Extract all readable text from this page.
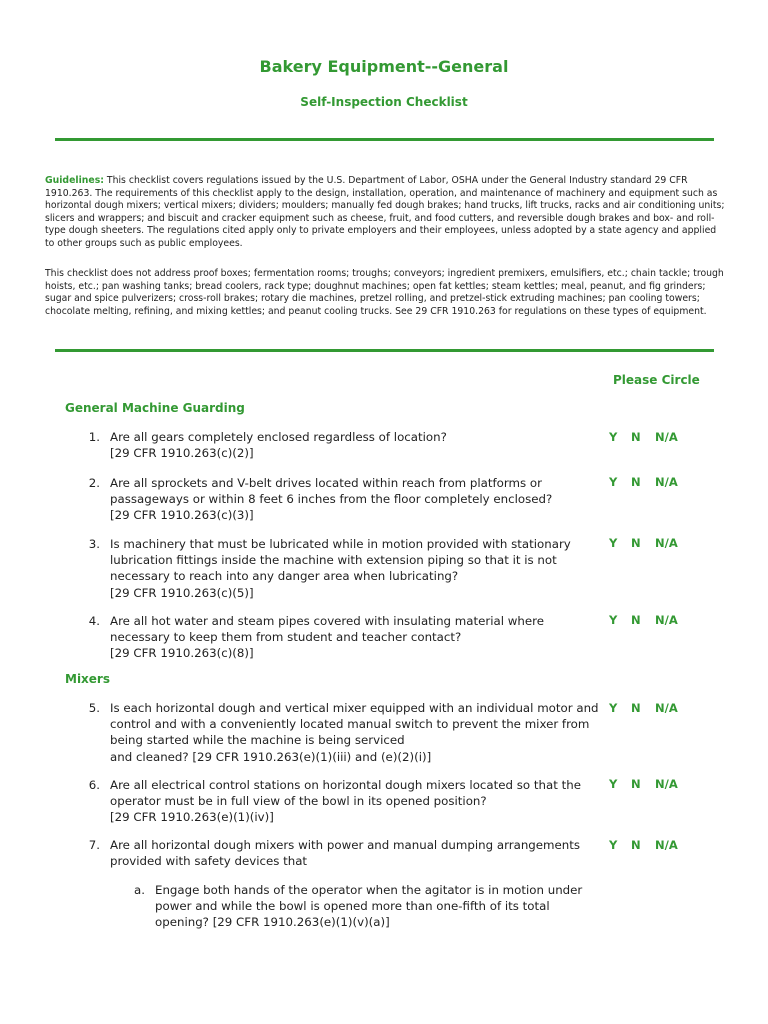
Bakery Equipment--General
Self-Inspection Checklist
Guidelines: This checklist covers regulations issued by the U.S. Department of Labor, OSHA under the General Industry standard 29 CFR 1910.263. The requirements of this checklist apply to the design, installation, operation, and maintenance of machinery and equipment such as horizontal dough mixers; vertical mixers; dividers; moulders; manually fed dough brakes; hand trucks, lift trucks, racks and air conditioning units; slicers and wrappers; and biscuit and cracker equipment such as cheese, fruit, and food cutters, and reversible dough brakes and box- and roll-type dough sheeters. The regulations cited apply only to private employers and their employees, unless adopted by a state agency and applied to other groups such as public employees.
This checklist does not address proof boxes; fermentation rooms; troughs; conveyors; ingredient premixers, emulsifiers, etc.; chain tackle; trough hoists, etc.; pan washing tanks; bread coolers, rack type; doughnut machines; open fat kettles; steam kettles; meal, peanut, and fig grinders; sugar and spice pulverizers; cross-roll brakes; rotary die machines, pretzel rolling, and pretzel-stick extruding machines; pan cooling towers; chocolate melting, refining, and mixing kettles; and peanut cooling trucks. See 29 CFR 1910.263 for regulations on these types of equipment.
Please Circle
General Machine Guarding
1. Are all gears completely enclosed regardless of location?
[29 CFR 1910.263(c)(2)]
Y N N/A
2. Are all sprockets and V-belt drives located within reach from platforms or passageways or within 8 feet 6 inches from the floor completely enclosed?
[29 CFR 1910.263(c)(3)]
Y N N/A
3. Is machinery that must be lubricated while in motion provided with stationary lubrication fittings inside the machine with extension piping so that it is not necessary to reach into any danger area when lubricating?
[29 CFR 1910.263(c)(5)]
Y N N/A
4. Are all hot water and steam pipes covered with insulating material where necessary to keep them from student and teacher contact?
[29 CFR 1910.263(c)(8)]
Y N N/A
Mixers
5. Is each horizontal dough and vertical mixer equipped with an individual motor and control and with a conveniently located manual switch to prevent the mixer from being started while the machine is being serviced
and cleaned? [29 CFR 1910.263(e)(1)(iii) and (e)(2)(i)]
Y N N/A
6. Are all electrical control stations on horizontal dough mixers located so that the operator must be in full view of the bowl in its opened position?
[29 CFR 1910.263(e)(1)(iv)]
Y N N/A
7. Are all horizontal dough mixers with power and manual dumping arrangements provided with safety devices that
Y N N/A
a. Engage both hands of the operator when the agitator is in motion under power and while the bowl is opened more than one-fifth of its total opening? [29 CFR 1910.263(e)(1)(v)(a)]
